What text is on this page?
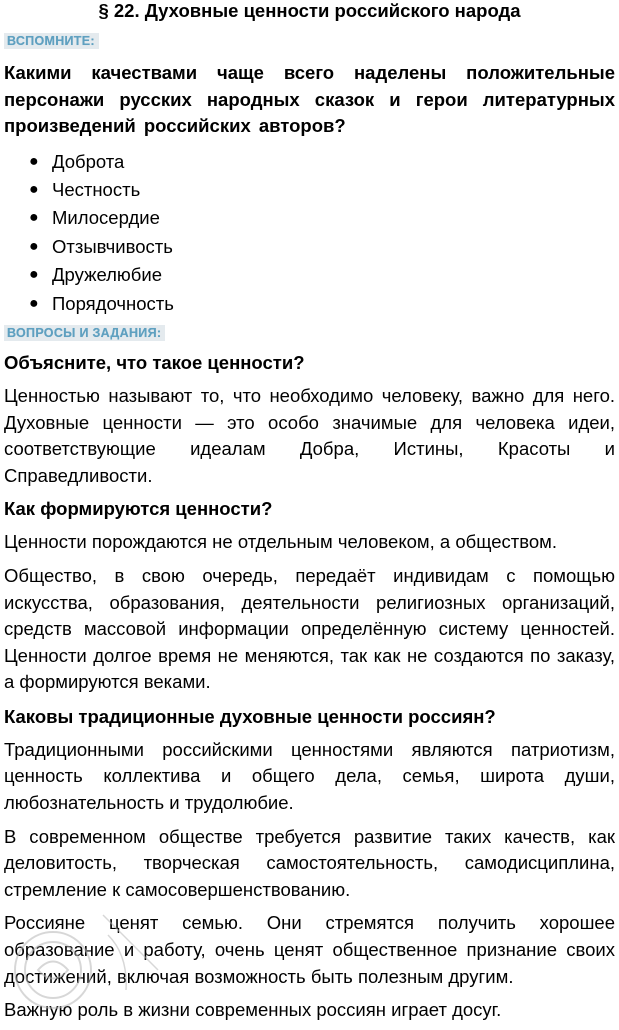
§ 22. Духовные ценности российского народа
ВСПОМНИТЕ:

Какими качествами чаще всего наделены положительные персонажи русских народных сказок и герои литературных произведений российских авторов?

● Доброта
● Честность
● Милосердие
● Отзывчивость
● Дружелюбие
● Порядочность
ВОПРОСЫ И ЗАДАНИЯ:

Объясните, что такое ценности?

Ценностью называют то, что необходимо человеку, важно для него. Духовные ценности — это особо значимые для человека идеи, соответствующие идеалам Добра, Истины, Красоты и Справедливости.

Как формируются ценности?

Ценности порождаются не отдельным человеком, а обществом.

Общество, в свою очередь, передаёт индивидам с помощью искусства, образования, деятельности религиозных организаций, средств массовой информации определённую систему ценностей. Ценности долгое время не меняются, так как не создаются по заказу, а формируются веками.

Каковы традиционные духовные ценности россиян?

Традиционными российскими ценностями являются патриотизм, ценность коллектива и общего дела, семья, широта души, любознательность и трудолюбие.

В современном обществе требуется развитие таких качеств, как деловитость, творческая самостоятельность, самодисциплина, стремление к самосовершенствованию.

Россияне ценят семью. Они стремятся получить хорошее образование и работу, очень ценят общественное признание своих достижений, включая возможность быть полезным другим.

Важную роль в жизни современных россиян играет досуг.
